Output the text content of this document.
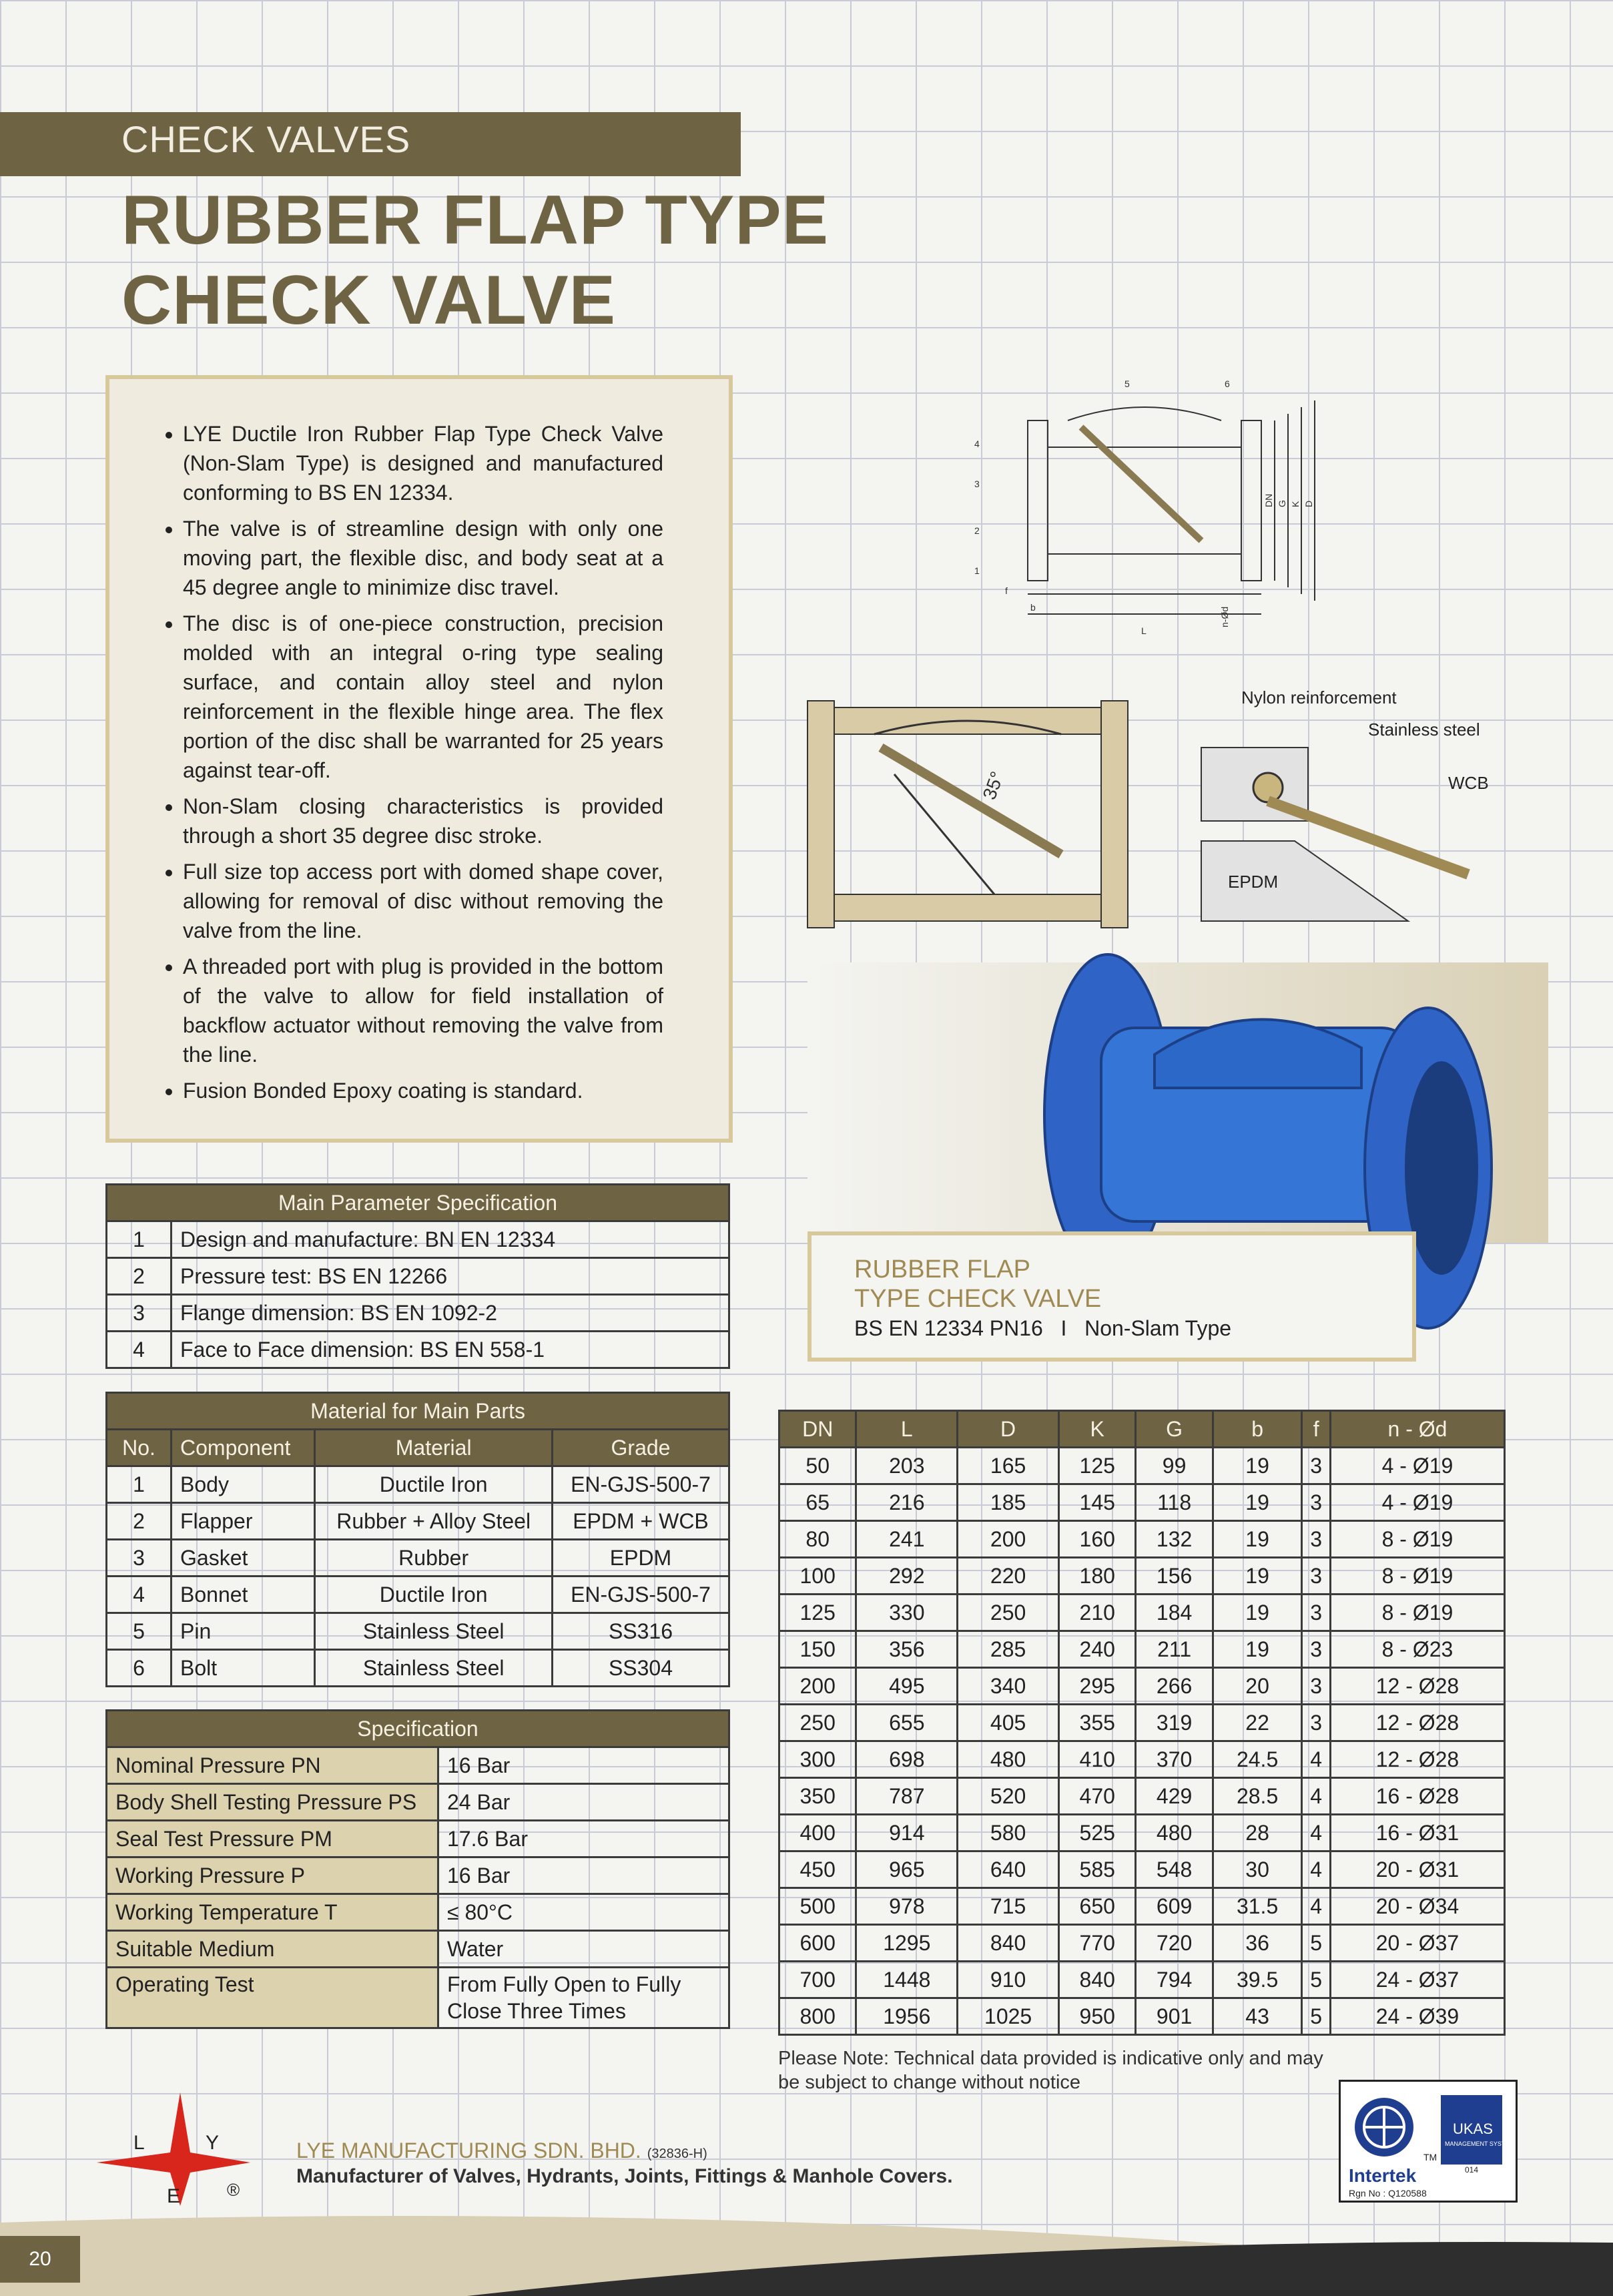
CHECK VALVES
RUBBER FLAP TYPE
CHECK VALVE
• LYE Ductile Iron Rubber Flap Type Check Valve (Non-Slam Type) is designed and manufactured conforming to BS EN 12334.
• The valve is of streamline design with only one moving part, the flexible disc, and body seat at a 45 degree angle to minimize disc travel.
• The disc is of one-piece construction, precision molded with an integral o-ring type sealing surface, and contain alloy steel and nylon reinforcement in the flexible hinge area. The flex portion of the disc shall be warranted for 25 years against tear-off.
• Non-Slam closing characteristics is provided through a short 35 degree disc stroke.
• Full size top access port with domed shape cover, allowing for removal of disc without removing the valve from the line.
• A threaded port with plug is provided in the bottom of the valve to allow for field installation of backflow actuator without removing the valve from the line.
• Fusion Bonded Epoxy coating is standard.
5	6
4
3
2
1
DN G K D
f
b
L
n-Ød
35°
Nylon reinforcement
Stainless steel
WCB
EPDM
RUBBER FLAP
TYPE CHECK VALVE
BS EN 12334 PN16   I   Non-Slam Type
Main Parameter Specification	
1	Design and manufacture: BN EN 12334
2	Pressure test: BS EN 12266
3	Flange dimension: BS EN 1092-2
4	Face to Face dimension: BS EN 558-1
Material for Main Parts			
No.	Component	Material	Grade
1	Body	Ductile Iron	EN-GJS-500-7
2	Flapper	Rubber + Alloy Steel	EPDM + WCB
3	Gasket	Rubber	EPDM
4	Bonnet	Ductile Iron	EN-GJS-500-7
5	Pin	Stainless Steel	SS316
6	Bolt	Stainless Steel	SS304
Specification	
Nominal Pressure PN	16 Bar
Body Shell Testing Pressure PS	24 Bar
Seal Test Pressure PM	17.6 Bar
Working Pressure P	16 Bar
Working Temperature T	≤ 80°C
Suitable Medium	Water
Operating Test	From Fully Open to Fully Close Three Times
DN	L	D	K	G	b	f	n - Ød
50	203	165	125	99	19	3	4 - Ø19
65	216	185	145	118	19	3	4 - Ø19
80	241	200	160	132	19	3	8 - Ø19
100	292	220	180	156	19	3	8 - Ø19
125	330	250	210	184	19	3	8 - Ø19
150	356	285	240	211	19	3	8 - Ø23
200	495	340	295	266	20	3	12 - Ø28
250	655	405	355	319	22	3	12 - Ø28
300	698	480	410	370	24.5	4	12 - Ø28
350	787	520	470	429	28.5	4	16 - Ø28
400	914	580	525	480	28	4	16 - Ø31
450	965	640	585	548	30	4	20 - Ø31
500	978	715	650	609	31.5	4	20 - Ø34
600	1295	840	770	720	36	5	20 - Ø37
700	1448	910	840	794	39.5	5	24 - Ø37
800	1956	1025	950	901	43	5	24 - Ø39
Please Note: Technical data provided is indicative only and may be subject to change without notice
L	Y
E	®
LYE MANUFACTURING SDN. BHD. (32836-H)
Manufacturer of Valves, Hydrants, Joints, Fittings & Manhole Covers.
20
TM
UKAS
MANAGEMENT SYSTEMS
014
Intertek
Rgn No : Q120588
